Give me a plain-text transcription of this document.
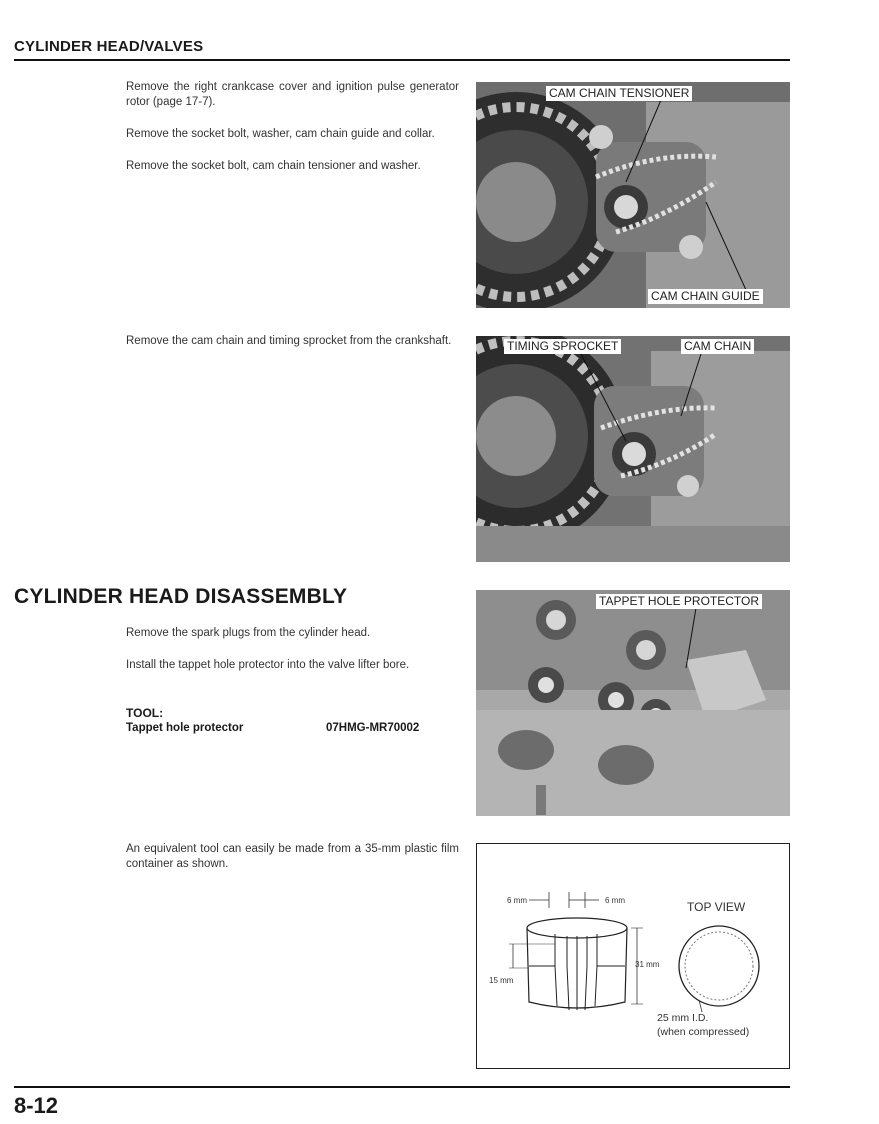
CYLINDER HEAD/VALVES

Remove the right crankcase cover and ignition pulse generator rotor (page 17-7).

Remove the socket bolt, washer, cam chain guide and collar.

Remove the socket bolt, cam chain tensioner and washer.

Remove the cam chain and timing sprocket from the crankshaft.

CAM CHAIN TENSIONER
CAM CHAIN GUIDE
TIMING SPROCKET	CAM CHAIN
CYLINDER HEAD DISASSEMBLY

Remove the spark plugs from the cylinder head.

Install the tappet hole protector into the valve lifter bore.

TOOL:
Tappet hole protector	07HMG-MR70002

An equivalent tool can easily be made from a 35-mm plastic film container as shown.

TAPPET HOLE PROTECTOR
6 mm	6 mm
31 mm
15 mm
TOP VIEW
25 mm I.D.
(when compressed)
8-12
